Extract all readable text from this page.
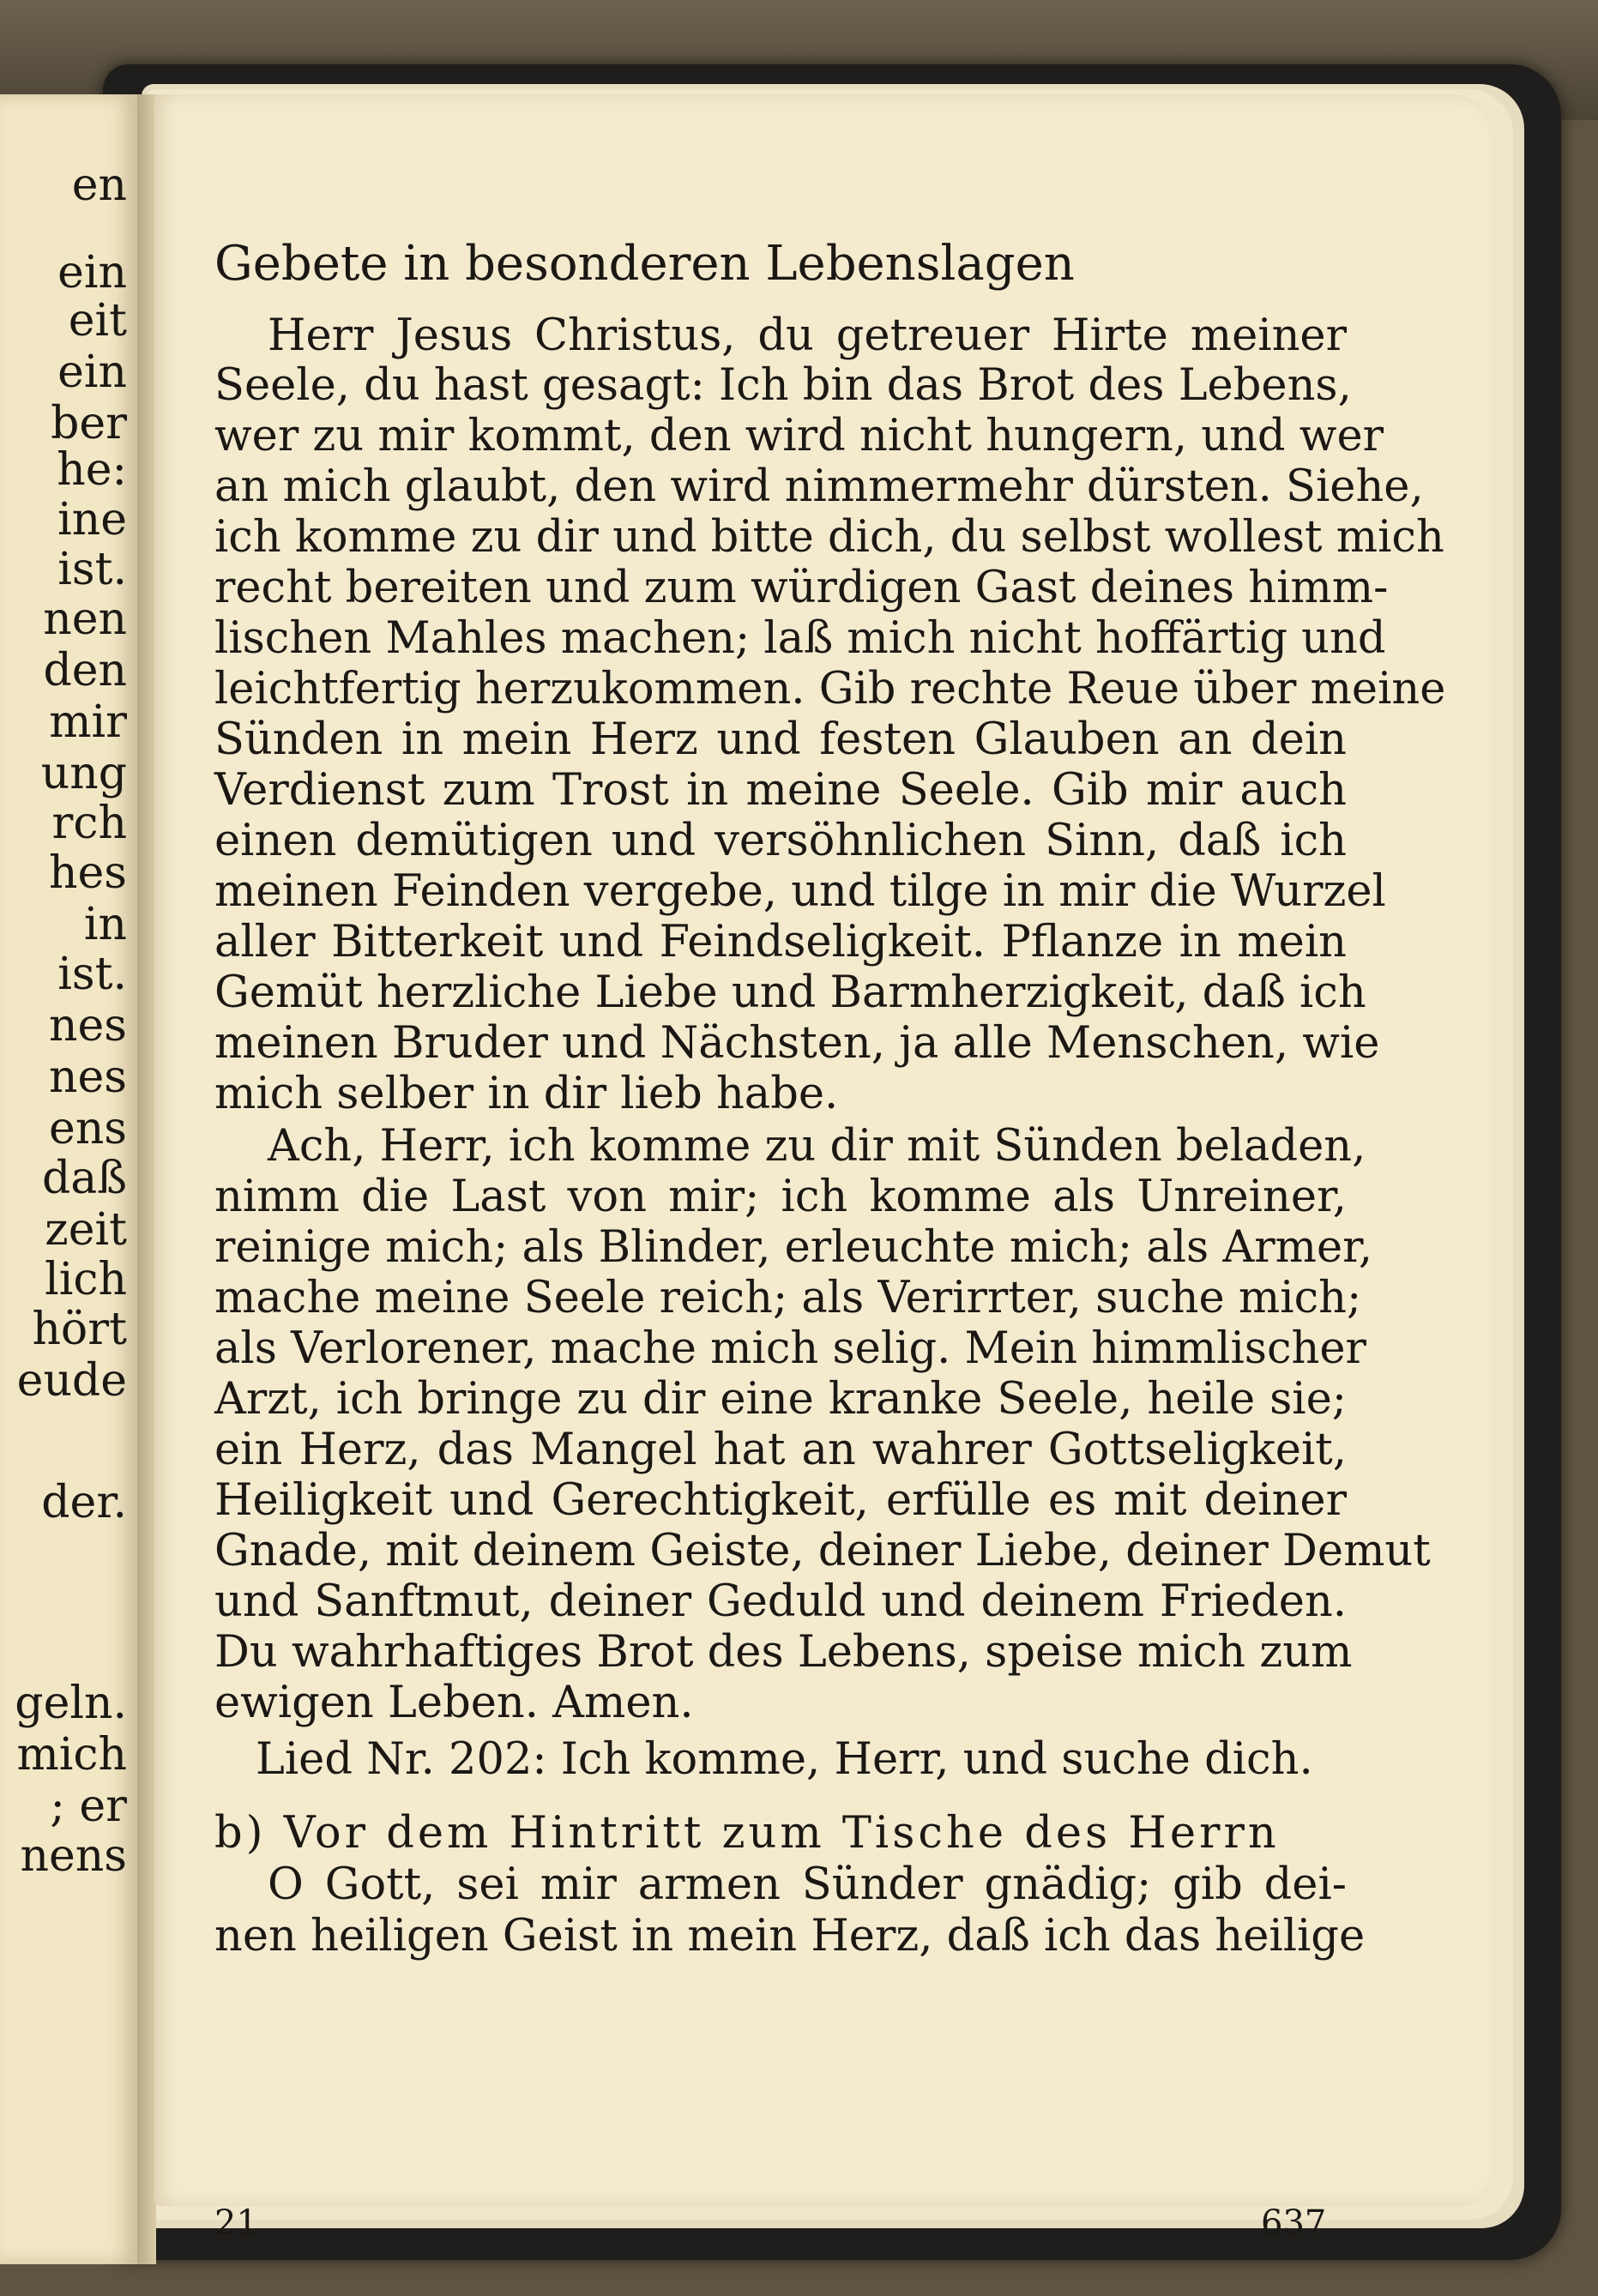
en
ein
eit
ein
ber
he:
ine
ist.
nen
den
mir
ung
rch
hes
in
ist.
nes
nes
ens
daß
zeit
lich
hört
eude
der.
geln.
mich
; er
nens
Gebete in besonderen Lebenslagen
Herr Jesus Christus, du getreuer Hirte meiner
Seele, du hast gesagt: Ich bin das Brot des Lebens,
wer zu mir kommt, den wird nicht hungern, und wer
an mich glaubt, den wird nimmermehr dürsten. Siehe,
ich komme zu dir und bitte dich, du selbst wollest mich
recht bereiten und zum würdigen Gast deines himm-
lischen Mahles machen; laß mich nicht hoffärtig und
leichtfertig herzukommen. Gib rechte Reue über meine
Sünden in mein Herz und festen Glauben an dein
Verdienst zum Trost in meine Seele. Gib mir auch
einen demütigen und versöhnlichen Sinn, daß ich
meinen Feinden vergebe, und tilge in mir die Wurzel
aller Bitterkeit und Feindseligkeit. Pflanze in mein
Gemüt herzliche Liebe und Barmherzigkeit, daß ich
meinen Bruder und Nächsten, ja alle Menschen, wie
mich selber in dir lieb habe.
Ach, Herr, ich komme zu dir mit Sünden beladen,
nimm die Last von mir; ich komme als Unreiner,
reinige mich; als Blinder, erleuchte mich; als Armer,
mache meine Seele reich; als Verirrter, suche mich;
als Verlorener, mache mich selig. Mein himmlischer
Arzt, ich bringe zu dir eine kranke Seele, heile sie;
ein Herz, das Mangel hat an wahrer Gottseligkeit,
Heiligkeit und Gerechtigkeit, erfülle es mit deiner
Gnade, mit deinem Geiste, deiner Liebe, deiner Demut
und Sanftmut, deiner Geduld und deinem Frieden.
Du wahrhaftiges Brot des Lebens, speise mich zum
ewigen Leben. Amen.
Lied Nr. 202: Ich komme, Herr, und suche dich.
b) Vor dem Hintritt zum Tische des Herrn
O Gott, sei mir armen Sünder gnädig; gib dei-
nen heiligen Geist in mein Herz, daß ich das heilige
21	637
